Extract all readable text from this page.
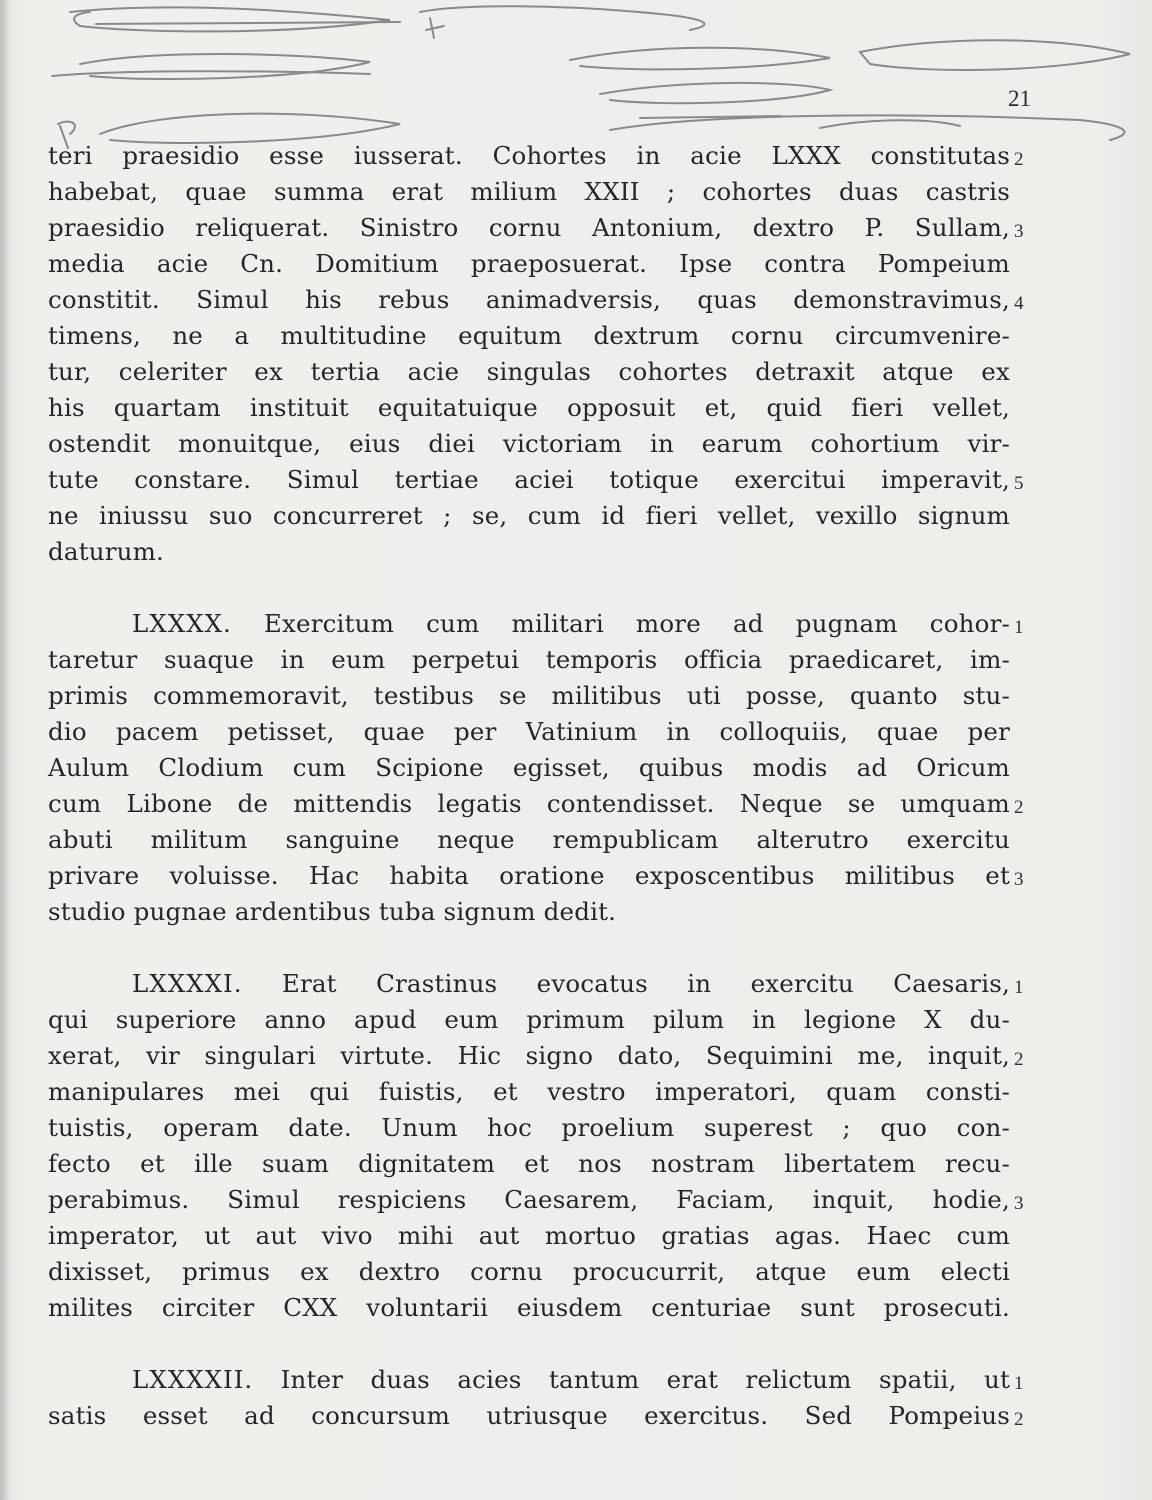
21
teri praesidio esse iusserat. Cohortes in acie LXXX constitutas 2
habebat, quae summa erat milium XXII ; cohortes duas castris
praesidio reliquerat. Sinistro cornu Antonium, dextro P. Sullam, 3
media acie Cn. Domitium praeposuerat. Ipse contra Pompeium
constitit. Simul his rebus animadversis, quas demonstravimus, 4
timens, ne a multitudine equitum dextrum cornu circumvenire-
tur, celeriter ex tertia acie singulas cohortes detraxit atque ex
his quartam instituit equitatuique opposuit et, quid fieri vellet,
ostendit monuitque, eius diei victoriam in earum cohortium vir-
tute constare. Simul tertiae aciei totique exercitui imperavit, 5
ne iniussu suo concurreret ; se, cum id fieri vellet, vexillo signum
daturum.
LXXXX. Exercitum cum militari more ad pugnam cohor- 1
taretur suaque in eum perpetui temporis officia praedicaret, im-
primis commemoravit, testibus se militibus uti posse, quanto stu-
dio pacem petisset, quae per Vatinium in colloquiis, quae per
Aulum Clodium cum Scipione egisset, quibus modis ad Oricum
cum Libone de mittendis legatis contendisset. Neque se umquam 2
abuti militum sanguine neque rempublicam alterutro exercitu
privare voluisse. Hac habita oratione exposcentibus militibus et 3
studio pugnae ardentibus tuba signum dedit.
LXXXXI. Erat Crastinus evocatus in exercitu Caesaris, 1
qui superiore anno apud eum primum pilum in legione X du-
xerat, vir singulari virtute. Hic signo dato, Sequimini me, inquit, 2
manipulares mei qui fuistis, et vestro imperatori, quam consti-
tuistis, operam date. Unum hoc proelium superest ; quo con-
fecto et ille suam dignitatem et nos nostram libertatem recu-
perabimus. Simul respiciens Caesarem, Faciam, inquit, hodie, 3
imperator, ut aut vivo mihi aut mortuo gratias agas. Haec cum
dixisset, primus ex dextro cornu procucurrit, atque eum electi
milites circiter CXX voluntarii eiusdem centuriae sunt prosecuti.
LXXXXII. Inter duas acies tantum erat relictum spatii, ut 1
satis esset ad concursum utriusque exercitus. Sed Pompeius 2
